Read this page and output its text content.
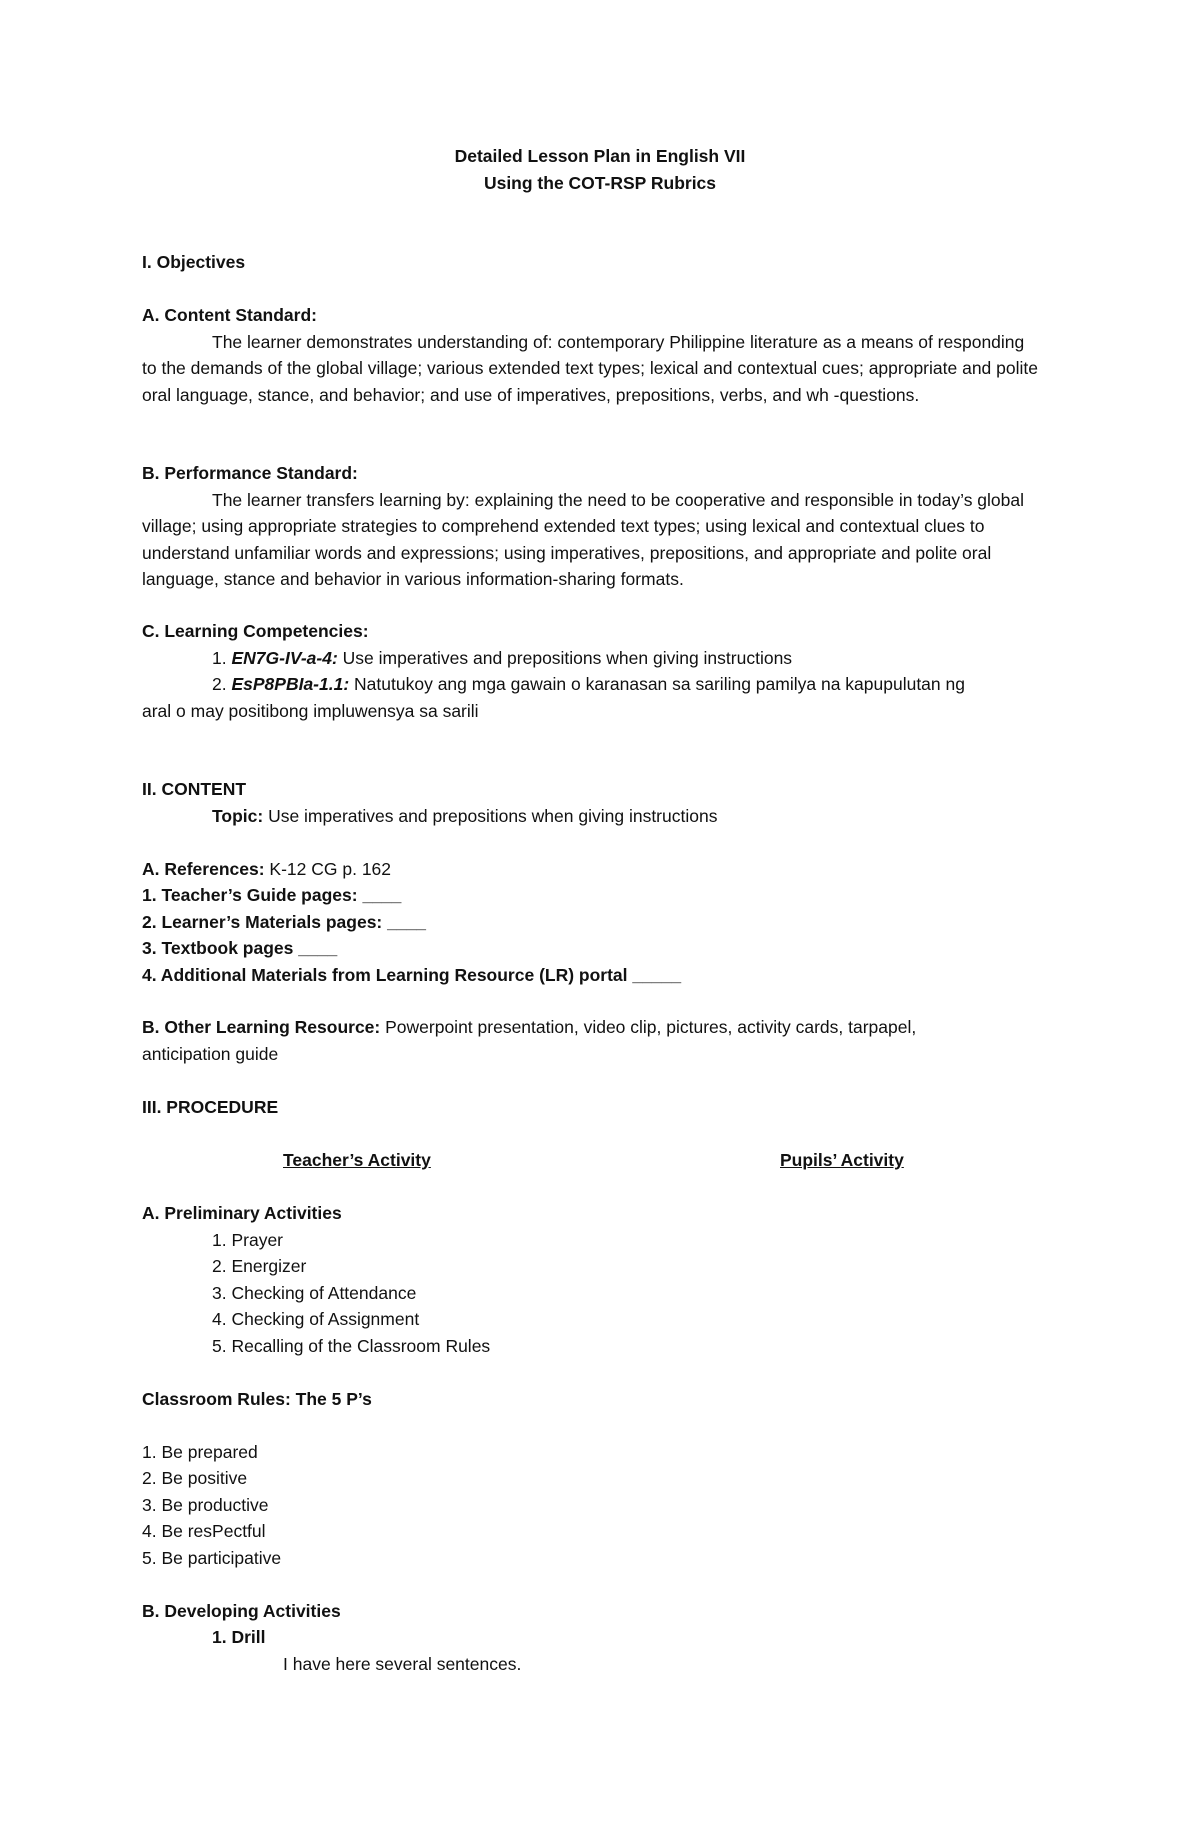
Detailed Lesson Plan in English VII
Using the COT-RSP Rubrics
I. Objectives
A. Content Standard:
The learner demonstrates understanding of: contemporary Philippine literature as a means of responding to the demands of the global village; various extended text types; lexical and contextual cues; appropriate and polite oral language, stance, and behavior; and use of imperatives, prepositions, verbs, and wh -questions.
B. Performance Standard:
The learner transfers learning by: explaining the need to be cooperative and responsible in today’s global village; using appropriate strategies to comprehend extended text types; using lexical and contextual clues to understand unfamiliar words and expressions; using imperatives, prepositions, and appropriate and polite oral language, stance and behavior in various information-sharing formats.
C. Learning Competencies:
1. EN7G-IV-a-4: Use imperatives and prepositions when giving instructions
2. EsP8PBIa-1.1: Natutukoy ang mga gawain o karanasan sa sariling pamilya na kapupulutan ng
aral o may positibong impluwensya sa sarili
II. CONTENT
Topic: Use imperatives and prepositions when giving instructions
A. References: K-12 CG p. 162
1. Teacher’s Guide pages: ____
2. Learner’s Materials pages: ____
3. Textbook pages ____
4. Additional Materials from Learning Resource (LR) portal _____
B. Other Learning Resource: Powerpoint presentation, video clip, pictures, activity cards, tarpapel,
anticipation guide
III. PROCEDURE
Teacher’s Activity	Pupils’ Activity
A. Preliminary Activities
1. Prayer
2. Energizer
3. Checking of Attendance
4. Checking of Assignment
5. Recalling of the Classroom Rules
Classroom Rules: The 5 P’s
1. Be prepared
2. Be positive
3. Be productive
4. Be resPectful
5. Be participative
B. Developing Activities
1. Drill
I have here several sentences.
